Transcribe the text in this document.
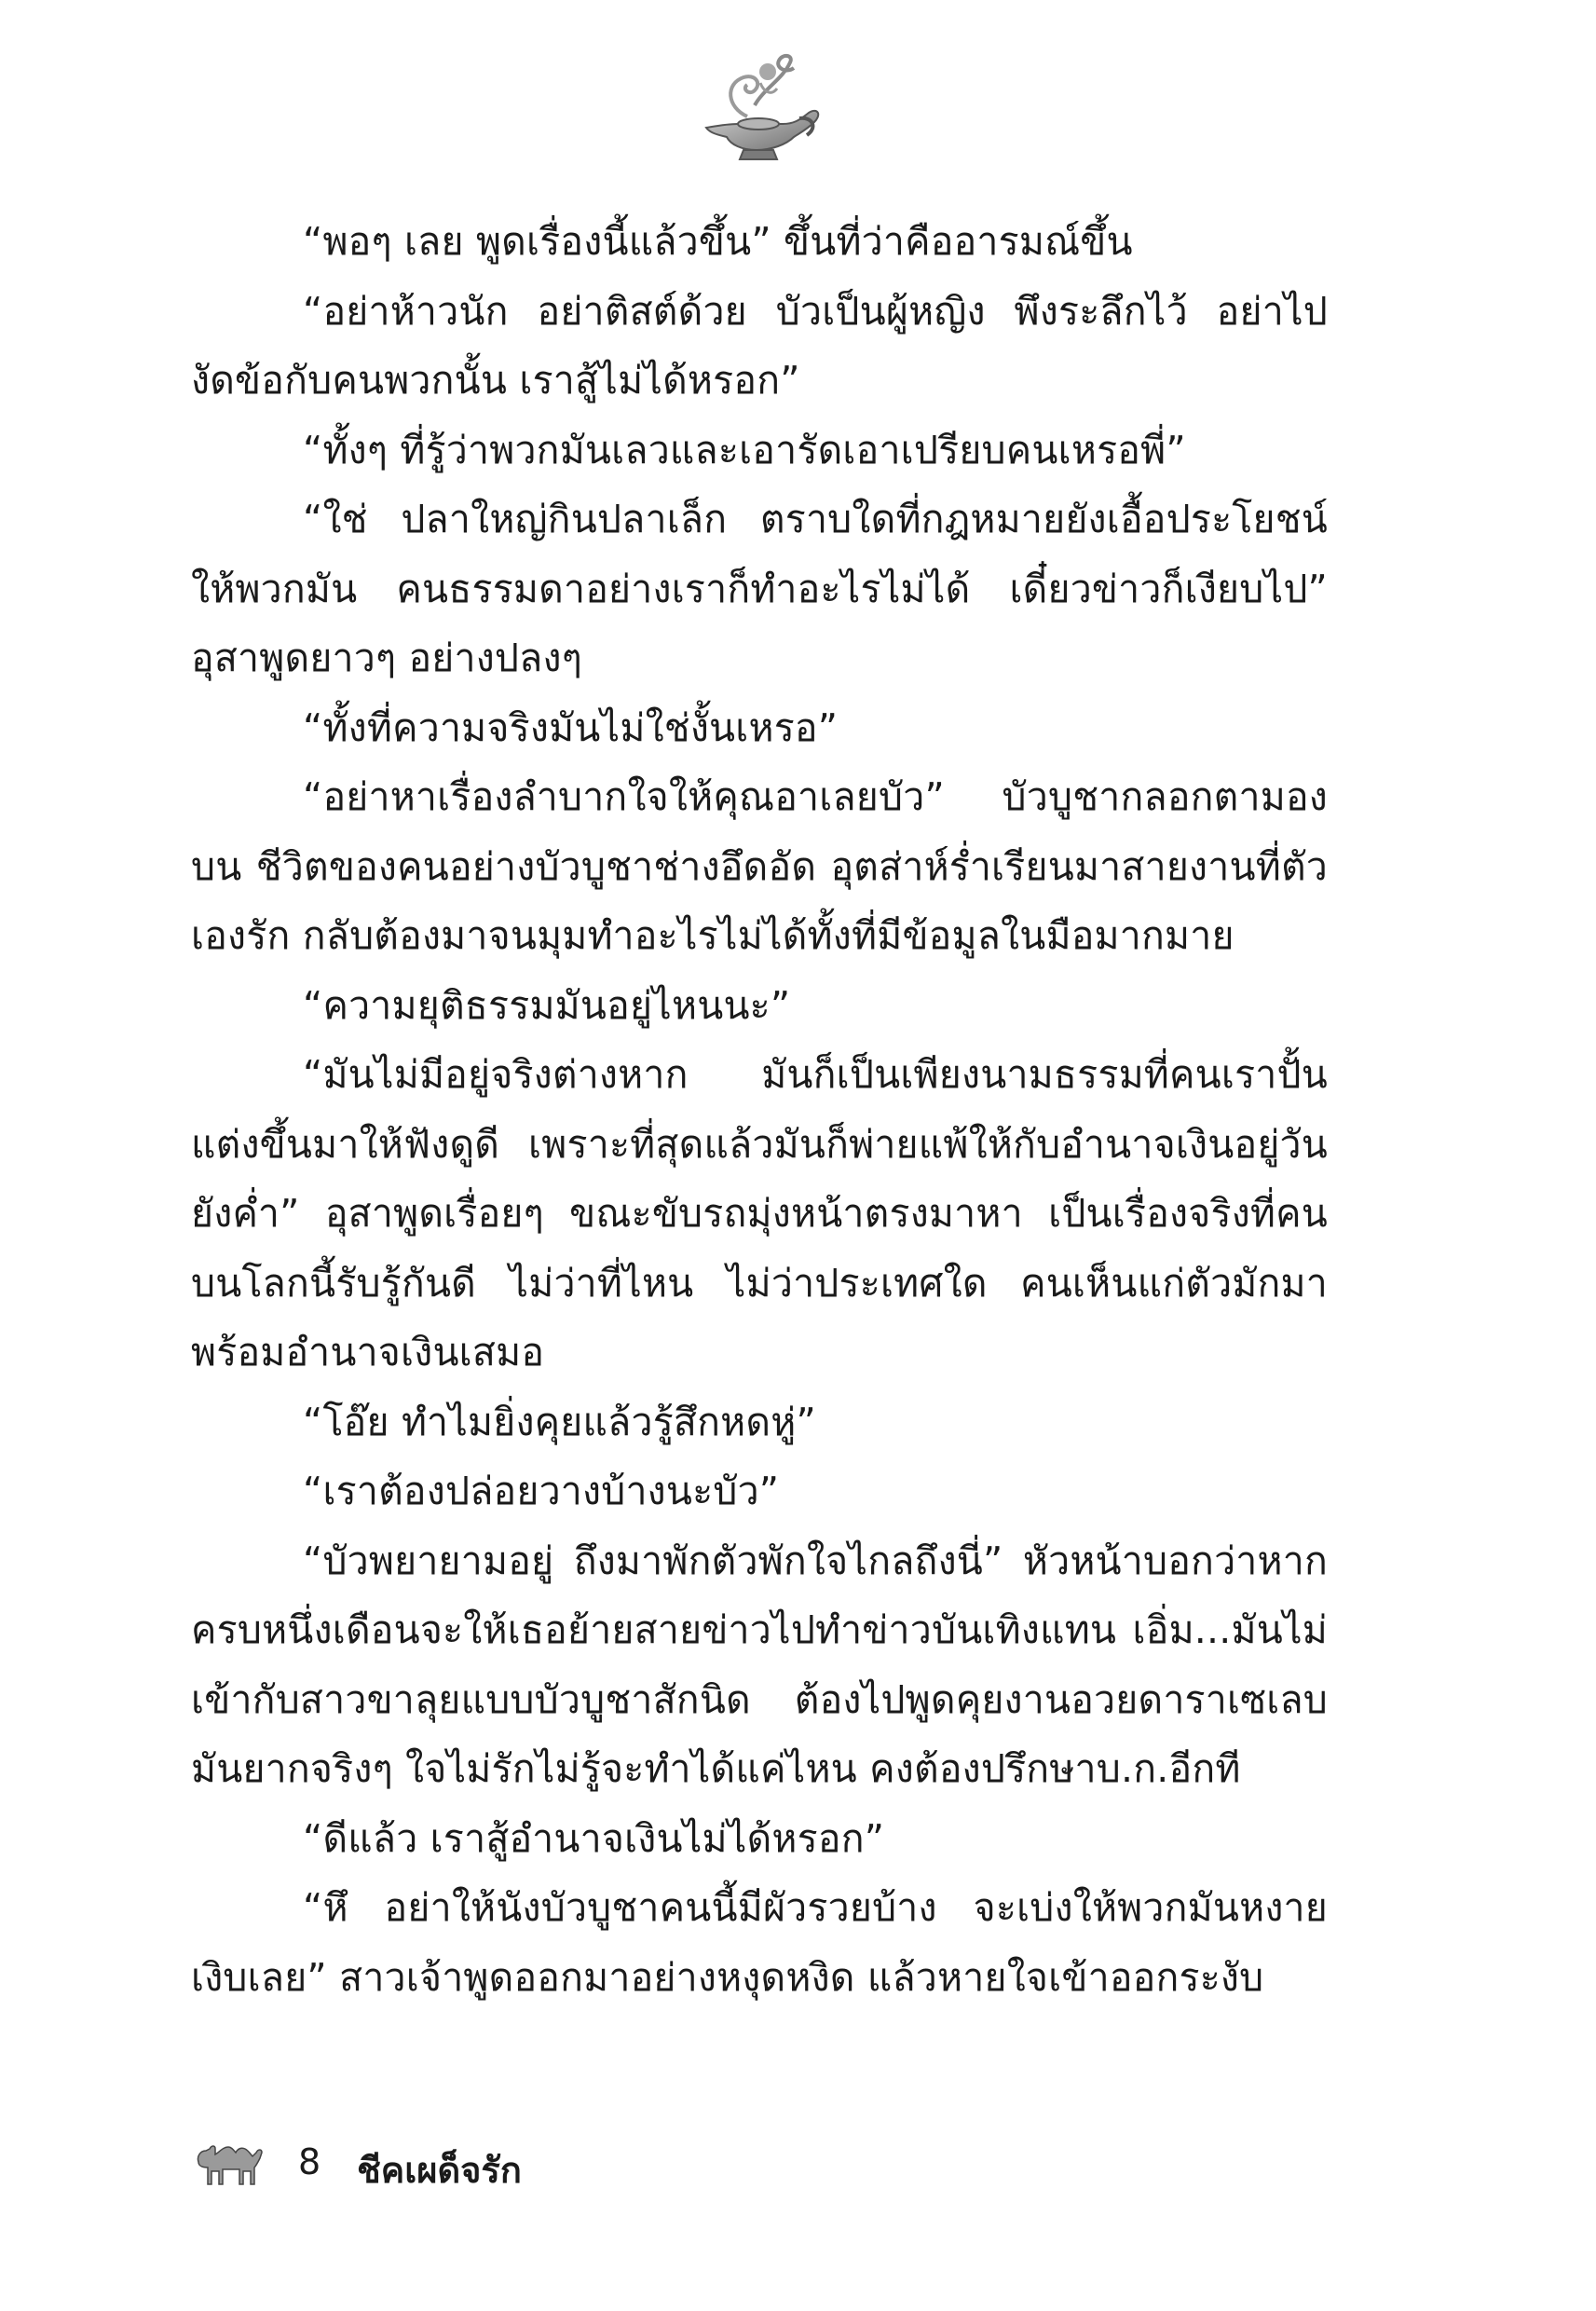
“พอๆ เลย พูดเรื่องนี้แล้วขึ้น” ขึ้นที่ว่าคืออารมณ์ขึ้น

“อย่าห้าวนัก อย่าติสต์ด้วย บัวเป็นผู้หญิง พึงระลึกไว้ อย่าไปงัดข้อกับคนพวกนั้น เราสู้ไม่ได้หรอก”

“ทั้งๆ ที่รู้ว่าพวกมันเลวและเอารัดเอาเปรียบคนเหรอพี่”

“ใช่ ปลาใหญ่กินปลาเล็ก ตราบใดที่กฎหมายยังเอื้อประโยชน์ให้พวกมัน คนธรรมดาอย่างเราก็ทำอะไรไม่ได้ เดี๋ยวข่าวก็เงียบไป” อุสาพูดยาวๆ อย่างปลงๆ

“ทั้งที่ความจริงมันไม่ใช่งั้นเหรอ”

“อย่าหาเรื่องลำบากใจให้คุณอาเลยบัว” บัวบูชากลอกตามองบน ชีวิตของคนอย่างบัวบูชาช่างอึดอัด อุตส่าห์ร่ำเรียนมาสายงานที่ตัวเองรัก กลับต้องมาจนมุมทำอะไรไม่ได้ทั้งที่มีข้อมูลในมือมากมาย

“ความยุติธรรมมันอยู่ไหนนะ”

“มันไม่มีอยู่จริงต่างหาก มันก็เป็นเพียงนามธรรมที่คนเราปั้นแต่งขึ้นมาให้ฟังดูดี เพราะที่สุดแล้วมันก็พ่ายแพ้ให้กับอำนาจเงินอยู่วันยังค่ำ” อุสาพูดเรื่อยๆ ขณะขับรถมุ่งหน้าตรงมาหา เป็นเรื่องจริงที่คนบนโลกนี้รับรู้กันดี ไม่ว่าที่ไหน ไม่ว่าประเทศใด คนเห็นแก่ตัวมักมาพร้อมอำนาจเงินเสมอ

“โอ๊ย ทำไมยิ่งคุยแล้วรู้สึกหดหู่”

“เราต้องปล่อยวางบ้างนะบัว”

“บัวพยายามอยู่ ถึงมาพักตัวพักใจไกลถึงนี่” หัวหน้าบอกว่าหากครบหนึ่งเดือนจะให้เธอย้ายสายข่าวไปทำข่าวบันเทิงแทน เอิ่ม...มันไม่เข้ากับสาวขาลุยแบบบัวบูชาสักนิด ต้องไปพูดคุยงานอวยดาราเซเลบมันยากจริงๆ ใจไม่รักไม่รู้จะทำได้แค่ไหน คงต้องปรึกษาบ.ก.อีกที

“ดีแล้ว เราสู้อำนาจเงินไม่ได้หรอก”

“หึ อย่าให้นังบัวบูชาคนนี้มีผัวรวยบ้าง จะเบ่งให้พวกมันหงายเงิบเลย” สาวเจ้าพูดออกมาอย่างหงุดหงิด แล้วหายใจเข้าออกระงับ

8 ชีคเผด็จรัก
